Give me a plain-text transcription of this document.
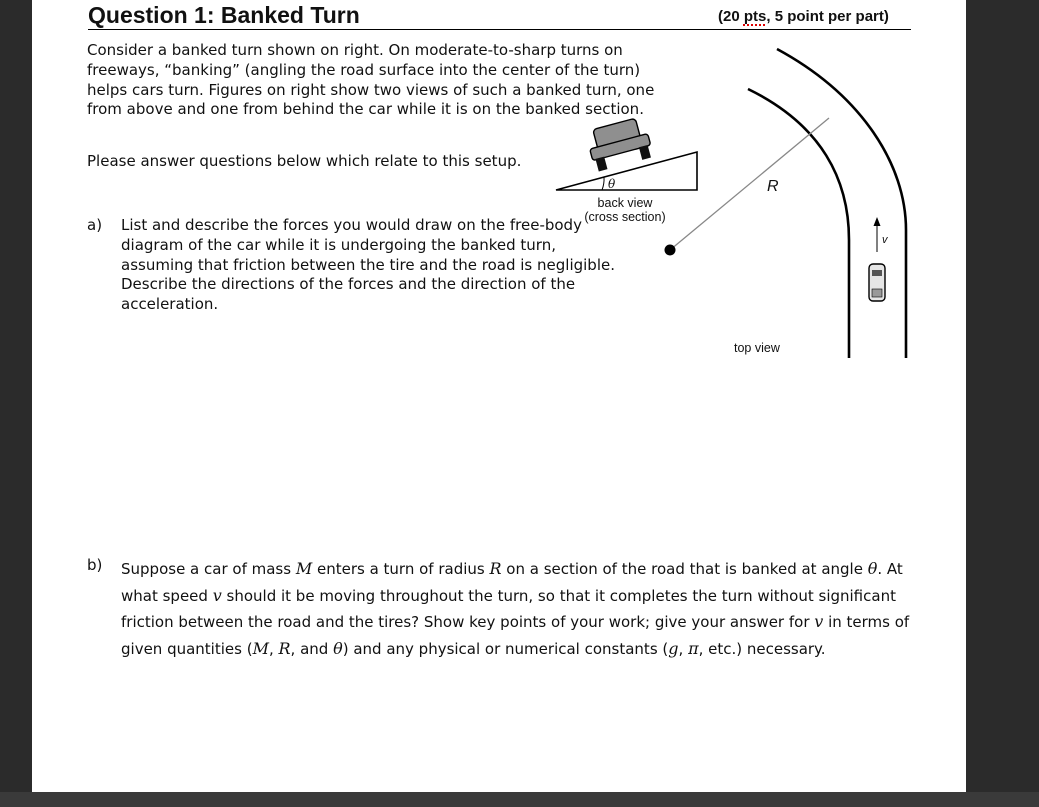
Question 1: Banked Turn	(20 pts, 5 point per part)

Consider a banked turn shown on right. On moderate-to-sharp turns on freeways, “banking” (angling the road surface into the center of the turn) helps cars turn. Figures on right show two views of such a banked turn, one from above and one from behind the car while it is on the banked section.

Please answer questions below which relate to this setup.

θ
back view
(cross section)
R
v
top view
a) List and describe the forces you would draw on the free-body diagram of the car while it is undergoing the banked turn, assuming that friction between the tire and the road is negligible. Describe the directions of the forces and the direction of the acceleration.

b) Suppose a car of mass M enters a turn of radius R on a section of the road that is banked at angle θ. At what speed v should it be moving throughout the turn, so that it completes the turn without significant friction between the road and the tires? Show key points of your work; give your answer for v in terms of given quantities (M, R, and θ) and any physical or numerical constants (g, π, etc.) necessary.
